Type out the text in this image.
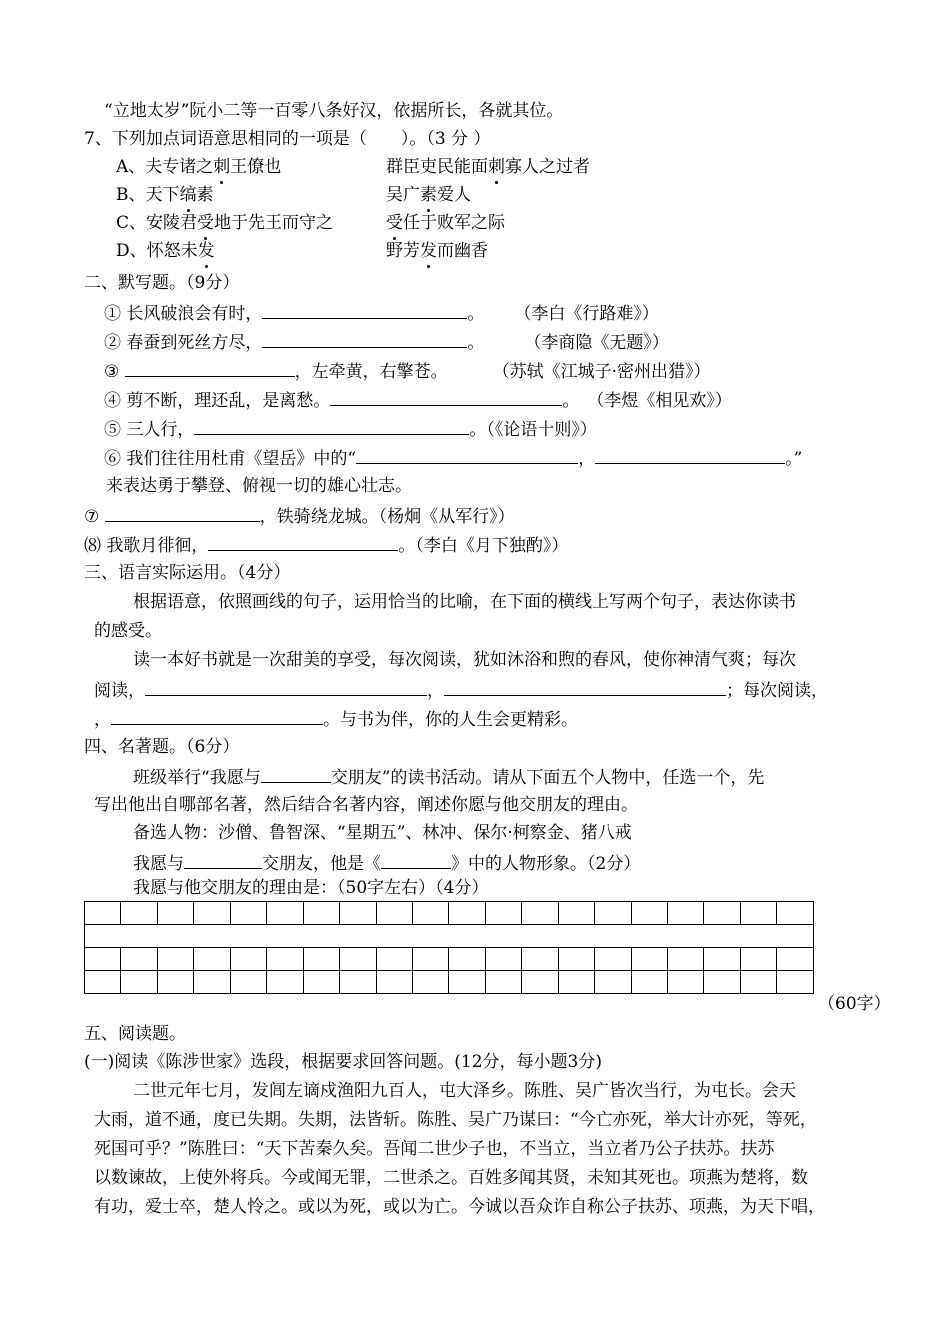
“立地太岁”阮小二等一百零八条好汉，依据所长，各就其位。
7、下列加点词语意思相同的一项是（　　）。（3 分 ）
A、夫专诸之刺王僚也	群臣吏民能面刺寡人之过者
B、天下缟素	吴广素爱人
C、安陵君受地于先王而守之	受任于败军之际
D、怀怒未发	野芳发而幽香
二、默写题。（9分）
① 长风破浪会有时，	。 （李白《行路难》）
② 春蚕到死丝方尽，	。 （李商隐《无题》）
③	，左牵黄，右擎苍。	（苏轼《江城子·密州出猎》）
④ 剪不断，理还乱，是离愁。	。 （李煜《相见欢》）
⑤ 三人行，	。（《论语十则》）
⑥ 我们往往用杜甫《望岳》中的“	，	。”
来表达勇于攀登、俯视一切的雄心壮志。
⑦	，铁骑绕龙城。（杨炯《从军行》）
⑻ 我歌月徘徊，	。（李白《月下独酌》）
三、语言实际运用。（4分）
根据语意，依照画线的句子，运用恰当的比喻，在下面的横线上写两个句子，表达你读书
的感受。
读一本好书就是一次甜美的享受，每次阅读，犹如沐浴和煦的春风，使你神清气爽；每次
阅读，	，	；每次阅读，
，	。与书为伴，你的人生会更精彩。
四、名著题。（6分）
班级举行“我愿与	交朋友”的读书活动。请从下面五个人物中，任选一个，先
写出他出自哪部名著，然后结合名著内容，阐述你愿与他交朋友的理由。
备选人物：沙僧、鲁智深、“星期五”、林冲、保尔·柯察金、猪八戒
我愿与	交朋友，他是《	》中的人物形象。（2分）
我愿与他交朋友的理由是：（50字左右）（4分）

（60字）
五、阅读题。
(一)阅读《陈涉世家》选段，根据要求回答问题。(12分，每小题3分)
二世元年七月，发闾左谪戍渔阳九百人，屯大泽乡。陈胜、吴广皆次当行，为屯长。会天
大雨，道不通，度已失期。失期，法皆斩。陈胜、吴广乃谋曰：“今亡亦死，举大计亦死，等死，
死国可乎？”陈胜曰：“天下苦秦久矣。吾闻二世少子也，不当立，当立者乃公子扶苏。扶苏
以数谏故，上使外将兵。今或闻无罪，二世杀之。百姓多闻其贤，未知其死也。项燕为楚将，数
有功，爱士卒，楚人怜之。或以为死，或以为亡。今诚以吾众诈自称公子扶苏、项燕，为天下唱，
